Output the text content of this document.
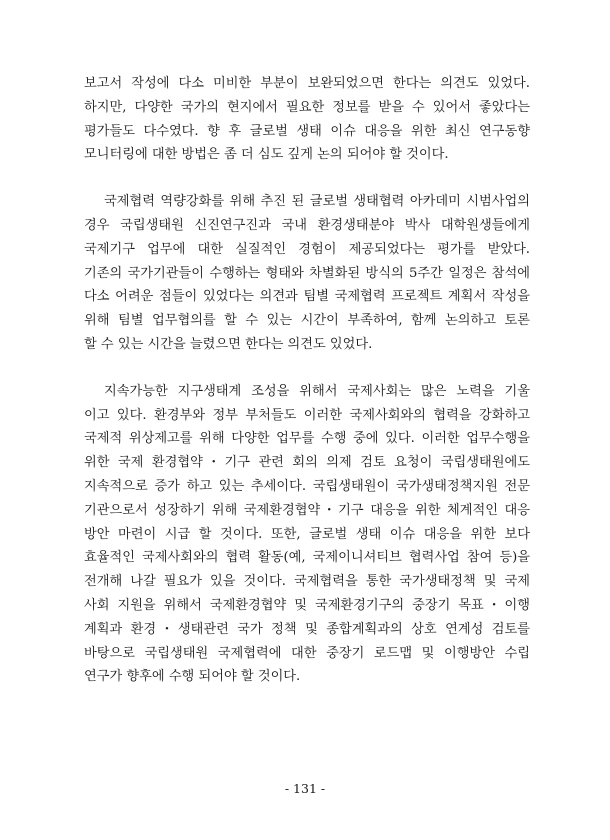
보고서 작성에 다소 미비한 부분이 보완되었으면 한다는 의견도 있었다.
하지만, 다양한 국가의 현지에서 필요한 정보를 받을 수 있어서 좋았다는
평가들도 다수였다. 향 후 글로벌 생태 이슈 대응을 위한 최신 연구동향
모니터링에 대한 방법은 좀 더 심도 깊게 논의 되어야 할 것이다.
국제협력 역량강화를 위해 추진 된 글로벌 생태협력 아카데미 시범사업의
경우 국립생태원 신진연구진과 국내 환경생태분야 박사 대학원생들에게
국제기구 업무에 대한 실질적인 경험이 제공되었다는 평가를 받았다.
기존의 국가기관들이 수행하는 형태와 차별화된 방식의 5주간 일정은 참석에
다소 어려운 점들이 있었다는 의견과 팀별 국제협력 프로젝트 계획서 작성을
위해 팀별 업무협의를 할 수 있는 시간이 부족하여, 함께 논의하고 토론
할 수 있는 시간을 늘렸으면 한다는 의견도 있었다.
지속가능한 지구생태계 조성을 위해서 국제사회는 많은 노력을 기울
이고 있다. 환경부와 정부 부처들도 이러한 국제사회와의 협력을 강화하고
국제적 위상제고를 위해 다양한 업무를 수행 중에 있다. 이러한 업무수행을
위한 국제 환경협약・기구 관련 회의 의제 검토 요청이 국립생태원에도
지속적으로 증가 하고 있는 추세이다. 국립생태원이 국가생태정책지원 전문
기관으로서 성장하기 위해 국제환경협약・기구 대응을 위한 체계적인 대응
방안 마련이 시급 할 것이다. 또한, 글로벌 생태 이슈 대응을 위한 보다
효율적인 국제사회와의 협력 활동(예, 국제이니셔티브 협력사업 참여 등)을
전개해 나갈 필요가 있을 것이다. 국제협력을 통한 국가생태정책 및 국제
사회 지원을 위해서 국제환경협약 및 국제환경기구의 중장기 목표・이행
계획과 환경・생태관련 국가 정책 및 종합계획과의 상호 연계성 검토를
바탕으로 국립생태원 국제협력에 대한 중장기 로드맵 및 이행방안 수립
연구가 향후에 수행 되어야 할 것이다.
- 131 -
